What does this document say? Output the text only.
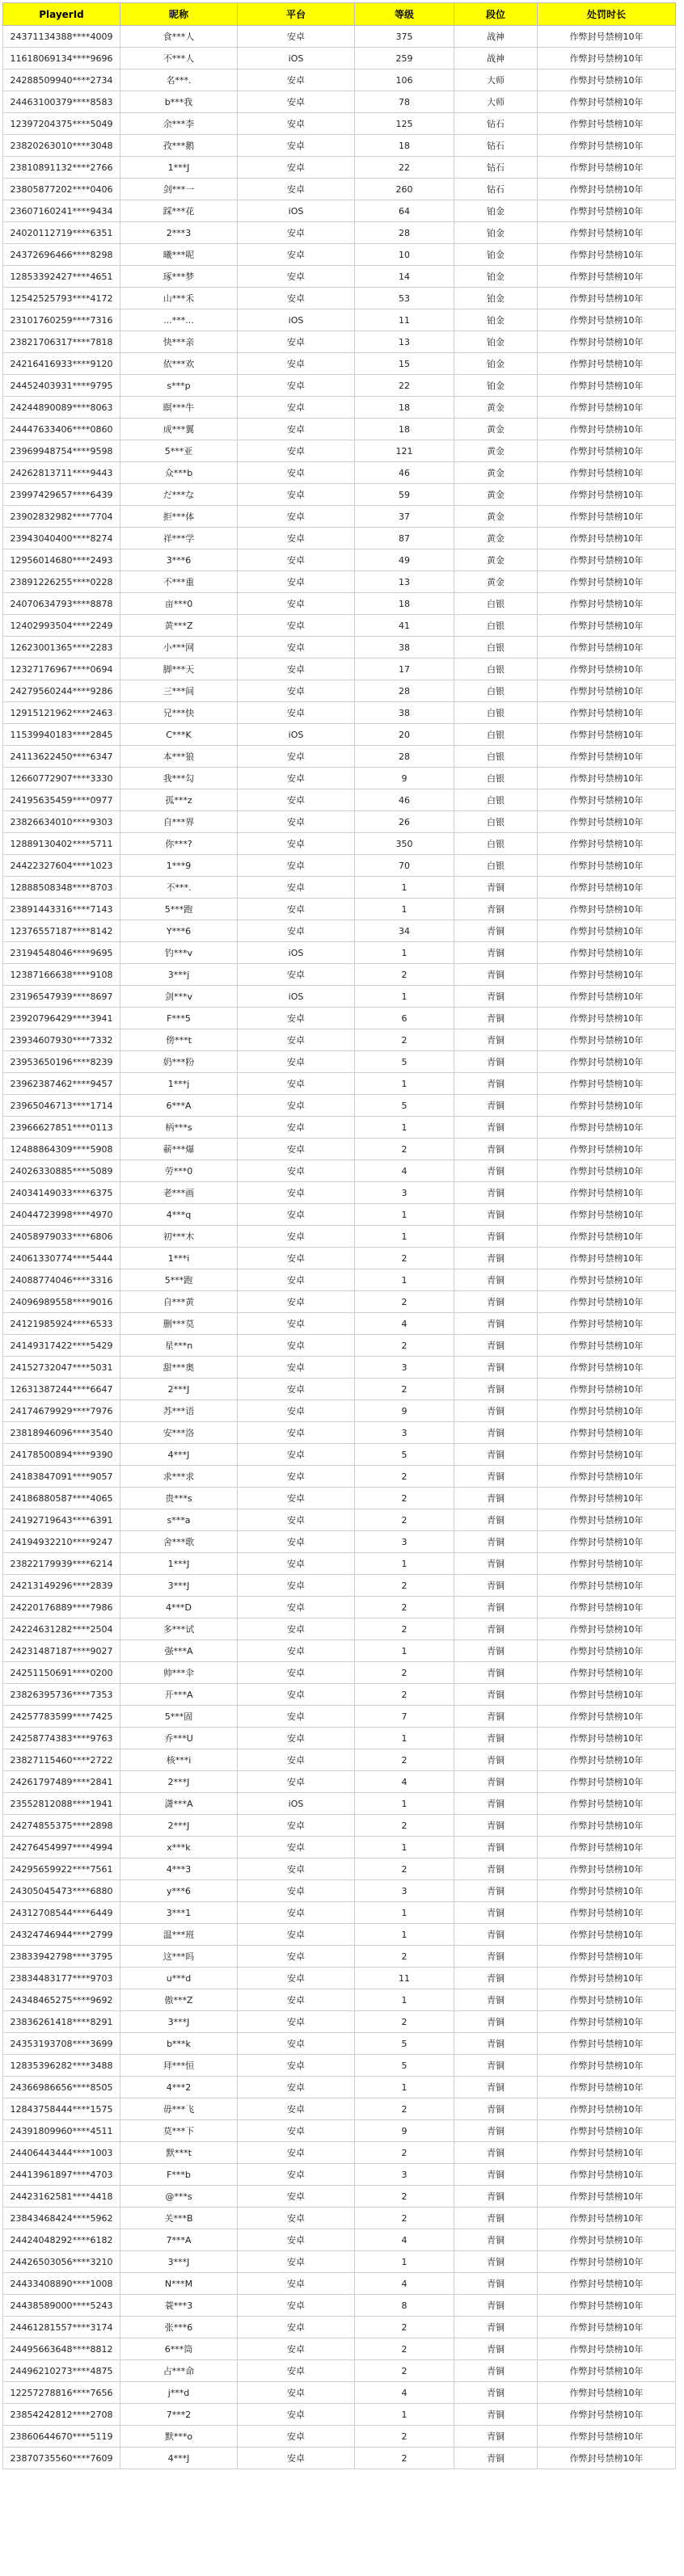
PlayerId	昵称	平台	等级	段位	处罚时长
24371134388****4009	食***人	安卓	375	战神	作弊封号禁榜10年
11618069134****9696	不***人	iOS	259	战神	作弊封号禁榜10年
24288509940****2734	名***.	安卓	106	大师	作弊封号禁榜10年
24463100379****8583	b***我	安卓	78	大师	作弊封号禁榜10年
12397204375****5049	余***李	安卓	125	钻石	作弊封号禁榜10年
23820263010****3048	孜***鹅	安卓	18	钻石	作弊封号禁榜10年
23810891132****2766	1***J	安卓	22	钻石	作弊封号禁榜10年
23805877202****0406	剑***一	安卓	260	钻石	作弊封号禁榜10年
23607160241****9434	踩***花	iOS	64	铂金	作弊封号禁榜10年
24020112719****6351	2***3	安卓	28	铂金	作弊封号禁榜10年
24372696466****8298	曦***呢	安卓	10	铂金	作弊封号禁榜10年
12853392427****4651	琢***梦	安卓	14	铂金	作弊封号禁榜10年
12542525793****4172	山***禾	安卓	53	铂金	作弊封号禁榜10年
23101760259****7316	...***...	iOS	11	铂金	作弊封号禁榜10年
23821706317****7818	快***亲	安卓	13	铂金	作弊封号禁榜10年
24216416933****9120	依***欢	安卓	15	铂金	作弊封号禁榜10年
24452403931****9795	s***p	安卓	22	铂金	作弊封号禁榜10年
24244890089****8063	瞑***牛	安卓	18	黄金	作弊封号禁榜10年
24447633406****0860	成***翼	安卓	18	黄金	作弊封号禁榜10年
23969948754****9598	5***亚	安卓	121	黄金	作弊封号禁榜10年
24262813711****9443	众***b	安卓	46	黄金	作弊封号禁榜10年
23997429657****6439	だ***な	安卓	59	黄金	作弊封号禁榜10年
23902832982****7704	拒***体	安卓	37	黄金	作弊封号禁榜10年
23943040400****8274	祥***学	安卓	87	黄金	作弊封号禁榜10年
12956014680****2493	3***6	安卓	49	黄金	作弊封号禁榜10年
23891226255****0228	不***重	安卓	13	黄金	作弊封号禁榜10年
24070634793****8878	亩***0	安卓	18	白银	作弊封号禁榜10年
12402993504****2249	黄***Z	安卓	41	白银	作弊封号禁榜10年
12623001365****2283	小***网	安卓	38	白银	作弊封号禁榜10年
12327176967****0694	脚***天	安卓	17	白银	作弊封号禁榜10年
24279560244****9286	三***间	安卓	28	白银	作弊封号禁榜10年
12915121962****2463	兄***快	安卓	38	白银	作弊封号禁榜10年
11539940183****2845	C***K	iOS	20	白银	作弊封号禁榜10年
24113622450****6347	本***狼	安卓	28	白银	作弊封号禁榜10年
12660772907****3330	我***勾	安卓	9	白银	作弊封号禁榜10年
24195635459****0977	孤***z	安卓	46	白银	作弊封号禁榜10年
23826634010****9303	自***界	安卓	26	白银	作弊封号禁榜10年
12889130402****5711	你***?	安卓	350	白银	作弊封号禁榜10年
24422327604****1023	1***9	安卓	70	白银	作弊封号禁榜10年
12888508348****8703	不***.	安卓	1	青铜	作弊封号禁榜10年
23891443316****7143	5***跑	安卓	1	青铜	作弊封号禁榜10年
12376557187****8142	Y***6	安卓	34	青铜	作弊封号禁榜10年
23194548046****9695	钓***v	iOS	1	青铜	作弊封号禁榜10年
12387166638****9108	3***j	安卓	2	青铜	作弊封号禁榜10年
23196547939****8697	剑***v	iOS	1	青铜	作弊封号禁榜10年
23920796429****3941	F***5	安卓	6	青铜	作弊封号禁榜10年
23934607930****7332	傍***t	安卓	2	青铜	作弊封号禁榜10年
23953650196****8239	奶***粉	安卓	5	青铜	作弊封号禁榜10年
23962387462****9457	1***j	安卓	1	青铜	作弊封号禁榜10年
23965046713****1714	6***A	安卓	5	青铜	作弊封号禁榜10年
23966627851****0113	柄***s	安卓	1	青铜	作弊封号禁榜10年
12488864309****5908	蕲***爆	安卓	2	青铜	作弊封号禁榜10年
24026330885****5089	劳***0	安卓	4	青铜	作弊封号禁榜10年
24034149033****6375	老***画	安卓	3	青铜	作弊封号禁榜10年
24044723998****4970	4***q	安卓	1	青铜	作弊封号禁榜10年
24058979033****6806	初***木	安卓	1	青铜	作弊封号禁榜10年
24061330774****5444	1***i	安卓	2	青铜	作弊封号禁榜10年
24088774046****3316	5***跑	安卓	1	青铜	作弊封号禁榜10年
24096989558****9016	自***黄	安卓	2	青铜	作弊封号禁榜10年
24121985924****6533	删***莫	安卓	4	青铜	作弊封号禁榜10年
24149317422****5429	星***n	安卓	2	青铜	作弊封号禁榜10年
24152732047****5031	甜***奥	安卓	3	青铜	作弊封号禁榜10年
12631387244****6647	2***J	安卓	2	青铜	作弊封号禁榜10年
24174679929****7976	苏***语	安卓	9	青铜	作弊封号禁榜10年
23818946096****3540	安***洛	安卓	3	青铜	作弊封号禁榜10年
24178500894****9390	4***J	安卓	5	青铜	作弊封号禁榜10年
24183847091****9057	求***求	安卓	2	青铜	作弊封号禁榜10年
24186880587****4065	贵***s	安卓	2	青铜	作弊封号禁榜10年
24192719643****6391	s***a	安卓	2	青铜	作弊封号禁榜10年
24194932210****9247	舍***歌	安卓	3	青铜	作弊封号禁榜10年
23822179939****6214	1***J	安卓	1	青铜	作弊封号禁榜10年
24213149296****2839	3***J	安卓	2	青铜	作弊封号禁榜10年
24220176889****7986	4***D	安卓	2	青铜	作弊封号禁榜10年
24224631282****2504	多***试	安卓	2	青铜	作弊封号禁榜10年
24231487187****9027	强***A	安卓	1	青铜	作弊封号禁榜10年
24251150691****0200	帅***伞	安卓	2	青铜	作弊封号禁榜10年
23826395736****7353	开***A	安卓	2	青铜	作弊封号禁榜10年
24257783599****7425	5***固	安卓	7	青铜	作弊封号禁榜10年
24258774383****9763	乔***U	安卓	1	青铜	作弊封号禁榜10年
23827115460****2722	核***i	安卓	2	青铜	作弊封号禁榜10年
24261797489****2841	2***J	安卓	4	青铜	作弊封号禁榜10年
23552812088****1941	潇***A	iOS	1	青铜	作弊封号禁榜10年
24274855375****2898	2***J	安卓	2	青铜	作弊封号禁榜10年
24276454997****4994	x***k	安卓	1	青铜	作弊封号禁榜10年
24295659922****7561	4***3	安卓	2	青铜	作弊封号禁榜10年
24305045473****6880	y***6	安卓	3	青铜	作弊封号禁榜10年
24312708544****6449	3***1	安卓	1	青铜	作弊封号禁榜10年
24324746944****2799	温***班	安卓	1	青铜	作弊封号禁榜10年
23833942798****3795	这***吗	安卓	2	青铜	作弊封号禁榜10年
23834483177****9703	u***d	安卓	11	青铜	作弊封号禁榜10年
24348465275****9692	傲***Z	安卓	1	青铜	作弊封号禁榜10年
23836261418****8291	3***J	安卓	2	青铜	作弊封号禁榜10年
24353193708****3699	b***k	安卓	5	青铜	作弊封号禁榜10年
12835396282****3488	拜***恒	安卓	5	青铜	作弊封号禁榜10年
24366986656****8505	4***2	安卓	1	青铜	作弊封号禁榜10年
12843758444****1575	毋***飞	安卓	2	青铜	作弊封号禁榜10年
24391809960****4511	莫***下	安卓	9	青铜	作弊封号禁榜10年
24406443444****1003	默***t	安卓	2	青铜	作弊封号禁榜10年
24413961897****4703	F***b	安卓	3	青铜	作弊封号禁榜10年
24423162581****4418	@***s	安卓	2	青铜	作弊封号禁榜10年
23843468424****5962	关***B	安卓	2	青铜	作弊封号禁榜10年
24424048292****6182	7***A	安卓	4	青铜	作弊封号禁榜10年
24426503056****3210	3***J	安卓	1	青铜	作弊封号禁榜10年
24433408890****1008	N***M	安卓	4	青铜	作弊封号禁榜10年
24438589000****5243	蓑***3	安卓	8	青铜	作弊封号禁榜10年
24461281557****3174	张***6	安卓	2	青铜	作弊封号禁榜10年
24495663648****8812	6***筒	安卓	2	青铜	作弊封号禁榜10年
24496210273****4875	占***命	安卓	2	青铜	作弊封号禁榜10年
12257278816****7656	j***d	安卓	4	青铜	作弊封号禁榜10年
23854242812****2708	7***2	安卓	1	青铜	作弊封号禁榜10年
23860644670****5119	默***o	安卓	2	青铜	作弊封号禁榜10年
23870735560****7609	4***J	安卓	2	青铜	作弊封号禁榜10年
